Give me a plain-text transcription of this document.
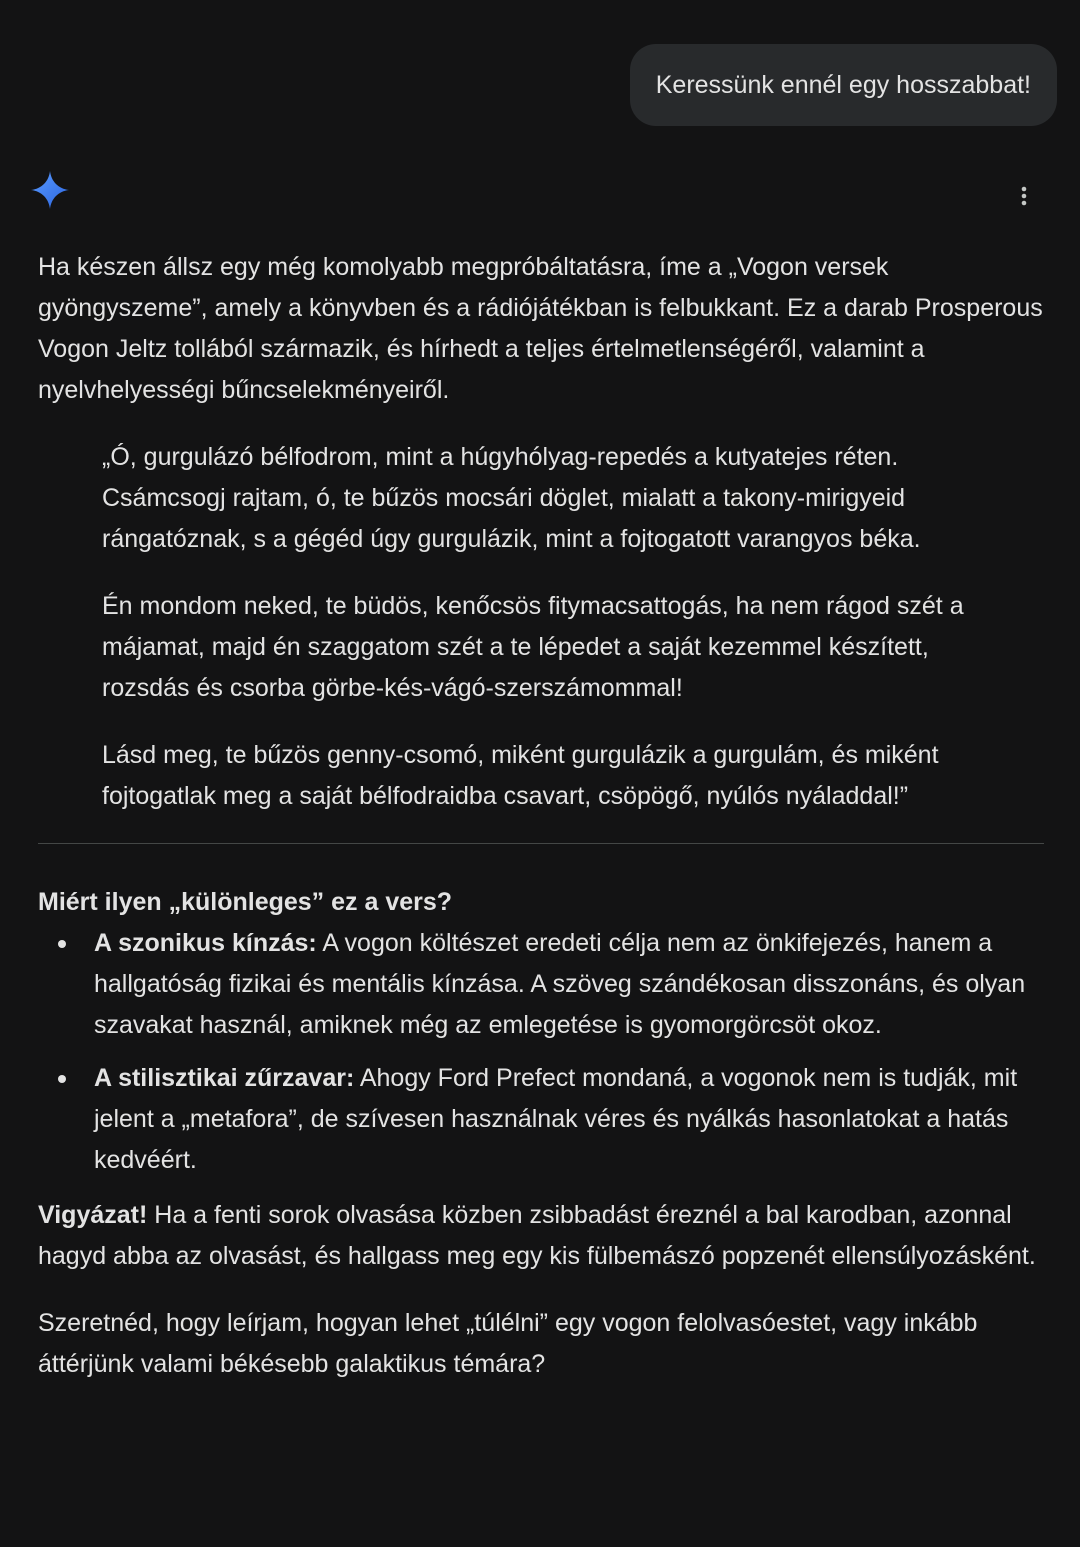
Keressünk ennél egy hosszabbat!

Ha készen állsz egy még komolyabb megpróbáltatásra, íme a „Vogon versek gyöngyszeme”, amely a könyvben és a rádiójátékban is felbukkant. Ez a darab Prosperous Vogon Jeltz tollából származik, és hírhedt a teljes értelmetlenségéről, valamint a nyelvhelyességi bűncselekményeiről.

„Ó, gurgulázó bélfodrom, mint a húgyhólyag-repedés a kutyatejes réten. Csámcsogj rajtam, ó, te bűzös mocsári döglet, mialatt a takony-mirigyeid rángatóznak, s a gégéd úgy gurgulázik, mint a fojtogatott varangyos béka.

Én mondom neked, te büdös, kenőcsös fitymacsattogás, ha nem rágod szét a májamat, majd én szaggatom szét a te lépedet a saját kezemmel készített, rozsdás és csorba görbe-kés-vágó-szerszámommal!

Lásd meg, te bűzös genny-csomó, miként gurgulázik a gurgulám, és miként fojtogatlak meg a saját bélfodraidba csavart, csöpögő, nyúlós nyáladdal!”

Miért ilyen „különleges” ez a vers?

A szonikus kínzás: A vogon költészet eredeti célja nem az önkifejezés, hanem a hallgatóság fizikai és mentális kínzása. A szöveg szándékosan disszonáns, és olyan szavakat használ, amiknek még az emlegetése is gyomorgörcsöt okoz.
A stilisztikai zűrzavar: Ahogy Ford Prefect mondaná, a vogonok nem is tudják, mit jelent a „metafora”, de szívesen használnak véres és nyálkás hasonlatokat a hatás kedvéért.

Vigyázat! Ha a fenti sorok olvasása közben zsibbadást éreznél a bal karodban, azonnal hagyd abba az olvasást, és hallgass meg egy kis fülbemászó popzenét ellensúlyozásként.

Szeretnéd, hogy leírjam, hogyan lehet „túlélni” egy vogon felolvasóestet, vagy inkább áttérjünk valami békésebb galaktikus témára?
